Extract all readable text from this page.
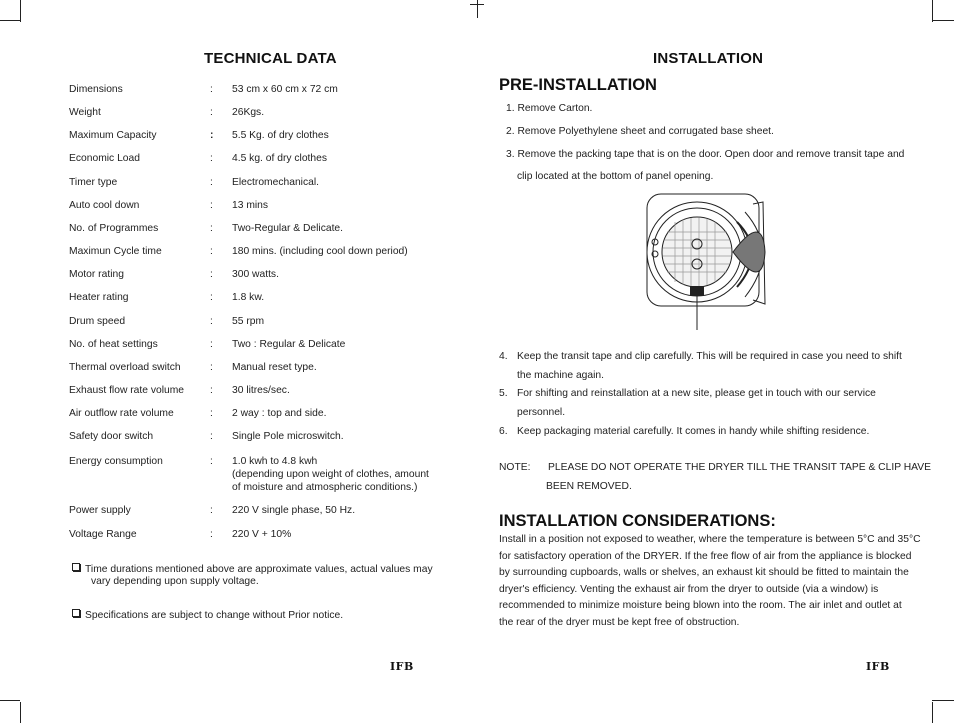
TECHNICAL DATA
Dimensions	: 53 cm x 60 cm x 72 cm
Weight	: 26Kgs.
Maximum Capacity	: 5.5 Kg. of dry clothes
Economic Load	: 4.5 kg. of dry clothes
Timer type	: Electromechanical.
Auto cool down	: 13 mins
No. of Programmes	: Two-Regular & Delicate.
Maximun Cycle time	: 180 mins. (including cool down period)
Motor rating	: 300 watts.
Heater rating	: 1.8 kw.
Drum speed	: 55 rpm
No. of heat settings	: Two : Regular & Delicate
Thermal overload switch	: Manual reset type.
Exhaust flow rate volume	: 30 litres/sec.
Air outflow rate volume	: 2 way : top and side.
Safety door switch	: Single Pole microswitch.
Energy consumption	: 1.0 kwh to 4.8 kwh
(depending upon weight of clothes, amount
of moisture and atmospheric conditions.)
Power supply	: 220 V single phase, 50 Hz.
Voltage Range	: 220 V + 10%
Time durations mentioned above are approximate values, actual values may
vary depending upon supply voltage.
Specifications are subject to change without Prior notice.
IFB
INSTALLATION
PRE-INSTALLATION
1. Remove Carton.
2. Remove Polyethylene sheet and corrugated base sheet.
3. Remove the packing tape that is on the door. Open door and remove transit tape and
clip located at the bottom of panel opening.
4. Keep the transit tape and clip carefully. This will be required in case you need to shift
the machine again.
5. For shifting and reinstallation at a new site, please get in touch with our service
personnel.
6. Keep packaging material carefully. It comes in handy while shifting residence.
NOTE: PLEASE DO NOT OPERATE THE DRYER TILL THE TRANSIT TAPE & CLIP HAVE
BEEN REMOVED.
INSTALLATION CONSIDERATIONS:
Install in a position not exposed to weather, where the temperature is between 5°C and 35°C
for satisfactory operation of the DRYER. If the free flow of air from the appliance is blocked
by surrounding cupboards, walls or shelves, an exhaust kit should be fitted to maintain the
dryer's efficiency. Venting the exhaust air from the dryer to outside (via a window) is
recommended to minimize moisture being blown into the room. The air inlet and outlet at
the rear of the dryer must be kept free of obstruction.
IFB
